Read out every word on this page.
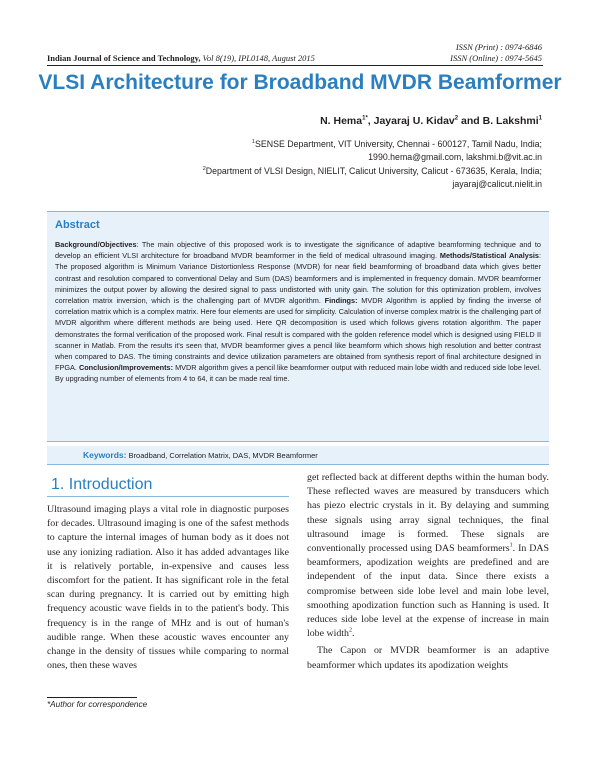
ISSN (Print) : 0974-6846
ISSN (Online) : 0974-5645
Indian Journal of Science and Technology, Vol 8(19), IPL0148, August 2015
VLSI Architecture for Broadband MVDR Beamformer
N. Hema$^{1*}$, Jayaraj U. Kidav$^2$ and B. Lakshmi$^1$
$^1$SENSE Department, VIT University, Chennai - 600127, Tamil Nadu, India;
1990.hema@gmail.com, lakshmi.b@vit.ac.in
$^2$Department of VLSI Design, NIELIT, Calicut University, Calicut - 673635, Kerala, India;
jayaraj@calicut.nielit.in
Abstract
Background/Objectives: The main objective of this proposed work is to investigate the significance of adaptive beamforming technique and to develop an efficient VLSI architecture for broadband MVDR beamformer in the field of medical ultrasound imaging. Methods/Statistical Analysis: The proposed algorithm is Minimum Variance Distortionless Response (MVDR) for near field beamforming of broadband data which gives better contrast and resolution compared to conventional Delay and Sum (DAS) beamformers and is implemented in frequency domain. MVDR beamformer minimizes the output power by allowing the desired signal to pass undistorted with unity gain. The solution for this optimization problem, involves correlation matrix inversion, which is the challenging part of MVDR algorithm. Findings: MVDR Algorithm is applied by finding the inverse of correlation matrix which is a complex matrix. Here four elements are used for simplicity. Calculation of inverse complex matrix is the challenging part of MVDR algorithm where different methods are being used. Here QR decomposition is used which follows givens rotation algorithm. The paper demonstrates the formal verification of the proposed work. Final result is compared with the golden reference model which is designed using FIELD II scanner in Matlab. From the results it's seen that, MVDR beamformer gives a pencil like beamform which shows high resolution and better contrast when compared to DAS. The timing constraints and device utilization parameters are obtained from synthesis report of final architecture designed in FPGA. Conclusion/Improvements: MVDR algorithm gives a pencil like beamformer output with reduced main lobe width and reduced side lobe level. By upgrading number of elements from 4 to 64, it can be made real time.
Keywords: Broadband, Correlation Matrix, DAS, MVDR Beamformer
1. Introduction

Ultrasound imaging plays a vital role in diagnostic purposes for decades. Ultrasound imaging is one of the safest methods to capture the internal images of human body as it does not use any ionizing radiation. Also it has added advantages like it is relatively portable, in-expensive and causes less discomfort for the patient. It has significant role in the fetal scan during pregnancy. It is carried out by emitting high frequency acoustic wave fields in to the patient's body. This frequency is in the range of MHz and is out of human's audible range. When these acoustic waves encounter any change in the density of tissues while comparing to normal ones, then these waves

get reflected back at different depths within the human body. These reflected waves are measured by transducers which has piezo electric crystals in it. By delaying and summing these signals using array signal techniques, the final ultrasound image is formed. These signals are conventionally processed using DAS beamformers$^1$. In DAS beamformers, apodization weights are predefined and are independent of the input data. Since there exists a compromise between side lobe level and main lobe level, smoothing apodization function such as Hanning is used. It reduces side lobe level at the expense of increase in main lobe width$^2$.

The Capon or MVDR beamformer is an adaptive beamformer which updates its apodization weights

*Author for correspondence
